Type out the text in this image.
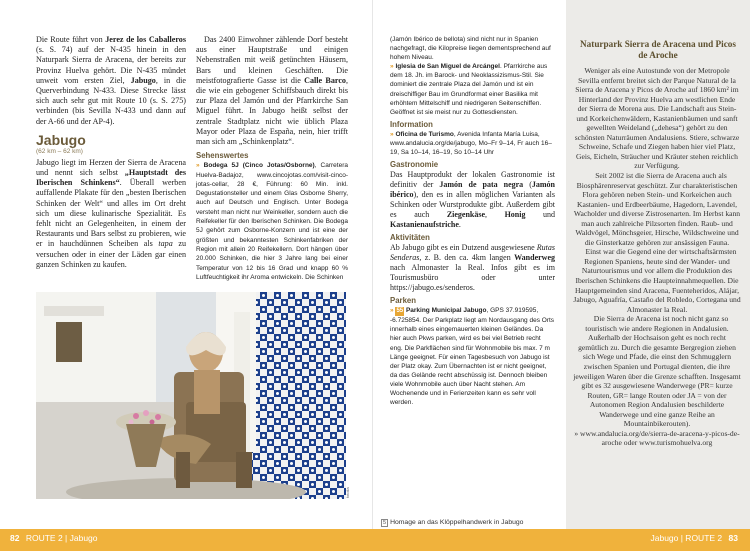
Die Route führt von Jerez de los Caballeros (s. S. 74) auf der N-435 hinein in den Naturpark Sierra de Aracena, der bereits zur Provinz Huelva gehört. Die N-435 mündet unweit vom ersten Ziel, Jabugo, in die Querverbindung N-433. Diese Strecke lässt sich auch sehr gut mit Route 10 (s. S. 275) verbinden (bis Sevilla N-433 und dann auf der A-66 und der AP-4).

Jabugo
(62 km – 62 km)

Jabugo liegt im Herzen der Sierra de Aracena und nennt sich selbst „Hauptstadt des Iberischen Schinkens“. Überall werben auffallende Plakate für den „besten Iberischen Schinken der Welt“ und alles im Ort dreht sich um diese kulinarische Spezialität. Es fehlt nicht an Gelegenheiten, in einem der Restaurants und Bars selbst zu probieren, wie er in hauchdünnen Scheiben als tapa zu versuchen oder in einer der Läden gar einen ganzen Schinken zu kaufen.

Das 2400 Einwohner zählende Dorf besteht aus einer Hauptstraße und einigen Nebenstraßen mit weiß getünchten Häusern, Bars und kleinen Geschäften. Die meistfotografierte Gasse ist die Calle Barco, die wie ein gebogener Schiffsbauch direkt bis zur Plaza del Jamón und der Pfarrkirche San Miguel führt. In Jabugo heißt selbst der zentrale Stadtplatz nicht wie üblich Plaza Mayor oder Plaza de España, nein, hier trifft man sich am „Schinkenplatz“.

Sehenswertes

» Bodega 5J (Cinco Jotas/Osborne), Carretera Huelva-Badajoz, www.cincojotas.com/visit-cinco-jotas-cellar, 28 €, Führung: 60 Min. inkl. Degustationsteller und einem Glas Osborne Sherry, auch auf Deutsch und Englisch. Unter Bodega versteht man nicht nur Weinkeller, sondern auch die Reifekeller für den Iberischen Schinken. Die Bodega 5J gehört zum Osborne-Konzern und ist eine der größten und bekanntesten Schinkenfabriken der Region mit allein 20 Reifekellern. Dort hängen über 20.000 Schinken, die hier 3 Jahre lang bei einer Temperatur von 12 bis 16 Grad und knapp 60 % Luftfeuchtigkeit ihr Aroma entwickeln. Die Schinken

fotolia

(Jamón Ibérico de bellota) sind nicht nur in Spanien nachgefragt, die Kilopreise liegen dementsprechend auf hohem Niveau.

» Iglesia de San Miguel de Arcángel. Pfarrkirche aus dem 18. Jh. im Barock- und Neoklassizismus-Stil. Sie dominiert die zentrale Plaza del Jamón und ist ein dreischiffiger Bau im Grundformat einer Basilika mit erhöhtem Mittelschiff und niedrigeren Seitenschiffen. Geöffnet ist sie meist nur zu Gottesdiensten.

Information

» Oficina de Turismo, Avenida Infanta María Luisa, www.andalucia.org/de/jabugo, Mo–Fr 9–14, Fr auch 16–19, Sa 10–14, 16–19, So 10–14 Uhr

Gastronomie

Das Hauptprodukt der lokalen Gastronomie ist definitiv der Jamón de pata negra (Jamón ibérico), den es in allen möglichen Varianten als Schinken oder Wurstprodukte gibt. Außerdem gibt es auch Ziegenkäse, Honig und Kastanienaufstriche.

Aktivitäten

Ab Jabugo gibt es ein Dutzend ausgewiesene Rutas Senderas, z. B. den ca. 4km langen Wanderweg nach Almonaster la Real. Infos gibt es im Tourismusbüro oder unter https://jabugo.es/senderos.

Parken

» 55 Parking Municipal Jabugo, GPS 37.919595, -6.725854. Der Parkplatz liegt am Nordausgang des Orts innerhalb eines eingemauerten kleinen Geländes. Da hier auch Pkws parken, wird es bei viel Betrieb recht eng. Die Parkflächen sind für Wohnmobile bis max. 7 m Länge geeignet. Für einen Tagesbesuch von Jabugo ist der Platz okay. Zum Übernachten ist er nicht geeignet, da das Gelände recht abschüssig ist. Dennoch bleiben viele Wohnmobile auch über Nacht stehen. Am Wochenende und in Ferienzeiten kann es sehr voll werden.

5 Homage an das Klöppelhandwerk in Jabugo
Naturpark Sierra de Aracena und Picos de Aroche

Weniger als eine Autostunde von der Metropole Sevilla entfernt breitet sich der Parque Natural de la Sierra de Aracena y Picos de Aroche auf 1860 km² im Hinterland der Provinz Huelva am westlichen Ende der Sierra de Morena aus. Die Landschaft aus Stein- und Korkeichenwäldern, Kastanienbäumen und sanft gewellten Weideland („dehesa“) gehört zu den schönsten Naturräumen Andalusiens. Stiere, schwarze Schweine, Schafe und Ziegen haben hier viel Platz, Geis, Eicheln, Sträucher und Kräuter stehen reichlich zur Verfügung.

Seit 2002 ist die Sierra de Aracena auch als Biosphärenreservat geschützt. Zur charakteristischen Flora gehören neben Stein- und Korkeichen auch Kastanien- und Erdbeerbäume, Hagedorn, Lavendel, Wacholder und diverse Zistrosenarten. Im Herbst kann man auch zahlreiche Pilzsorten finden. Raub- und Waldvögel, Mönchsgeier, Hirsche, Wildschweine und die Ginsterkatze gehören zur ansässigen Fauna.

Einst war die Gegend eine der wirtschaftsärmsten Regionen Spaniens, heute sind der Wander- und Naturtourismus und vor allem die Produktion des Iberischen Schinkens die Haupteinnahmequellen. Die Hauptgemeinden sind Aracena, Fuenteheridos, Alájar, Jabugo, Aguafría, Castaño del Robledo, Cortegana und Almonaster la Real.

Die Sierra de Aracena ist noch nicht ganz so touristisch wie andere Regionen in Andalusien. Außerhalb der Hochsaison geht es noch recht gemütlich zu. Durch die gesamte Bergregion ziehen sich Wege und Pfade, die einst den Schmugglern zwischen Spanien und Portugal dienten, die ihre jeweiligen Waren über die Grenze schafften. Insgesamt gibt es 32 ausgewiesene Wanderwege (PR= kurze Routen, GR= lange Routen oder JA = von der Autonomen Region Andalusien beschilderte Wanderwege und eine ganze Reihe an Mountainbikerouten).

» www.andalucia.org/de/sierra-de-aracena-y-picos-de-aroche oder www.turismohuelva.org

82 ROUTE 2 | Jabugo	Jabugo | ROUTE 2 83
